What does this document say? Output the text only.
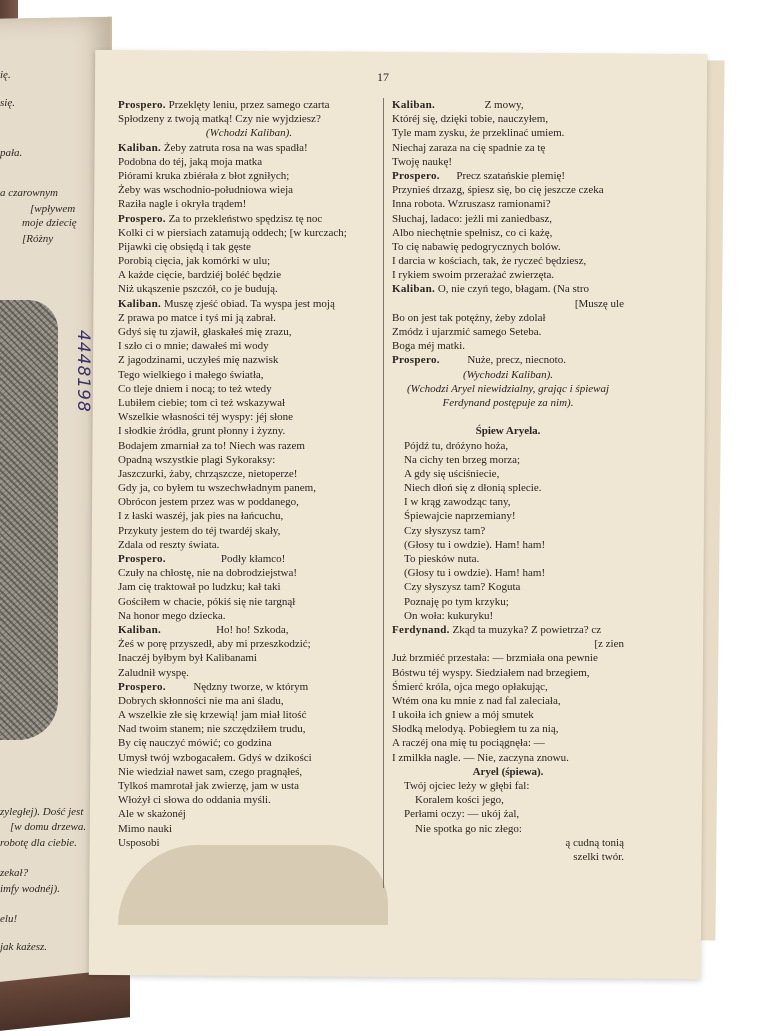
ię.
się.
pała.
a czarownym
[wpływem
moje dziecię
[Różny
zyległej). Dość jest
[w domu drzewa.
robotę dla ciebie.
zekał?
imfy wodnéj).
elu!
jak każesz.
17
Prospero. Przeklęty leniu, przez samego czarta
Spłodzeny z twoją matką! Czy nie wyjdziesz?
(Wchodzi Kaliban).
Kaliban. Żeby zatruta rosa na was spadła!
Podobna do téj, jaką moja matka
Piórami kruka zbiérała z błot zgniłych;
Żeby was wschodnio-południowa wieja
Raziła nagle i okryła trądem!
Prospero. Za to przekleństwo spędzisz tę noc
Kolki ci w piersiach zatamują oddech; [w kurczach;
Pijawki cię obsiędą i tak gęste
Porobią cięcia, jak komórki w ulu;
A każde cięcie, bardziéj boléć będzie
Niż ukąszenie pszczół, co je budują.
Kaliban. Muszę zjeść obiad. Ta wyspa jest moją
Z prawa po matce i tyś mi ją zabrał.
Gdyś się tu zjawił, głaskałeś mię zrazu,
I szło ci o mnie; dawałeś mi wody
Z jagodzinami, uczyłeś mię nazwisk
Tego wielkiego i małego światła,
Co tleje dniem i nocą; to też wtedy
Lubiłem ciebie; tom ci też wskazywał
Wszelkie własności téj wyspy: jéj słone
I słodkie źródła, grunt płonny i żyzny.
Bodajem zmarniał za to! Niech was razem
Opadną wszystkie plagi Sykoraksy:
Jaszczurki, żaby, chrząszcze, nietoperze!
Gdy ja, co byłem tu wszechwładnym panem,
Obrócon jestem przez was w poddanego,
I z łaski waszéj, jak pies na łańcuchu,
Przykuty jestem do téj twardéj skały,
Zdala od reszty świata.
Prospero.                    Podły kłamco!
Czuły na chłostę, nie na dobrodziejstwa!
Jam cię traktował po ludzku; kał taki
Gościłem w chacie, pókiś się nie targnął
Na honor mego dziecka.
Kaliban.                    Ho! ho! Szkoda,
Żeś w porę przyszedł, aby mi przeszkodzić;
Inaczéj byłbym był Kalibanami
Zaludnił wyspę.
Prospero.          Nędzny tworze, w którym
Dobrych skłonności nie ma ani śladu,
A wszelkie złe się krzewią! jam miał litość
Nad twoim stanem; nie szczędziłem trudu,
By cię nauczyć mówić; co godzina
Umysł twój wzbogacałem. Gdyś w dzikości
Nie wiedział nawet sam, czego pragnąłeś,
Tylkoś mamrotał jak zwierzę, jam w usta
Włożył ci słowa do oddania myśli.
Ale w skażonéj
Mimo nauki
Usposobi
Kaliban.                  Z mowy,
Któréj się, dzięki tobie, nauczyłem,
Tyle mam zysku, że przeklinać umiem.
Niechaj zaraza na cię spadnie za tę
Twoję naukę!
Prospero.      Precz szatańskie plemię!
Przynieś drzazg, śpiesz się, bo cię jeszcze czeka
Inna robota. Wzruszasz ramionami?
Słuchaj, ladaco: jeżli mi zaniedbasz,
Albo niechętnie spełnisz, co ci każę,
To cię nabawię pedogrycznych bolów.
I darcia w kościach, tak, że ryczeć będziesz,
I rykiem swoim przerażać zwierzęta.
Kaliban. O, nie czyń tego, błagam. (Na stro
[Muszę ule
Bo on jest tak potężny, żeby zdolał
Zmódz i ujarzmić samego Seteba.
Boga méj matki.
Prospero.          Nuże, precz, niecnoto.
(Wychodzi Kaliban).
(Wchodzi Aryel niewidzialny, grając i śpiewaj
Ferdynand postępuje za nim).
Śpiew Aryela.
Pójdź tu, dróżyno hoża,
Na cichy ten brzeg morza;
A gdy się uściśniecie,
Niech dłoń się z dłonią splecie.
I w krąg zawodząc tany,
Śpiewajcie naprzemiany!
Czy słyszysz tam?
(Głosy tu i owdzie). Ham! ham!
To piesków nuta.
(Głosy tu i owdzie). Ham! ham!
Czy słyszysz tam? Koguta
Poznaję po tym krzyku;
On woła: kukuryku!
Ferdynand. Zkąd ta muzyka? Z powietrza? cz
[z zien
Już brzmiéć przestała: — brzmiała ona pewnie
Bóstwu téj wyspy. Siedziałem nad brzegiem,
Śmierć króla, ojca mego opłakując,
Wtém ona ku mnie z nad fal zaleciała,
I ukoiła ich gniew a mój smutek
Słodką melodyą. Pobiegłem tu za nią,
A raczéj ona mię tu pociągnęła: —
I zmilkła nagle. — Nie, zaczyna znowu.
Aryel (śpiewa).
Twój ojciec leży w głębi fal:
Koralem kości jego,
Perłami oczy: — ukój żal,
Nie spotka go nic złego:
ą cudną tonią
szelki twór.
